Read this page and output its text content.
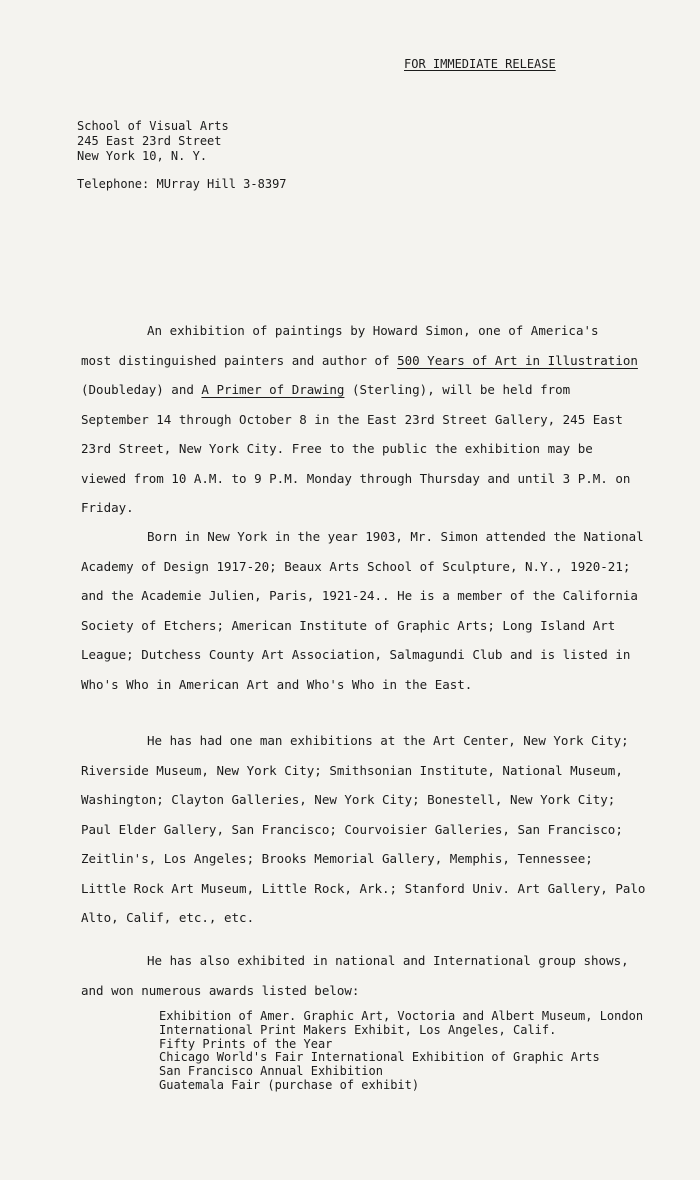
FOR IMMEDIATE RELEASE
School of Visual Arts
245 East 23rd Street
New York 10, N. Y.
Telephone: MUrray Hill 3-8397
An exhibition of paintings by Howard Simon, one of America's
most distinguished painters and author of 500 Years of Art in Illustration
(Doubleday) and A Primer of Drawing (Sterling), will be held from
September 14 through October 8 in the East 23rd Street Gallery, 245 East
23rd Street, New York City. Free to the public the exhibition may be
viewed from 10 A.M. to 9 P.M. Monday through Thursday and until 3 P.M. on
Friday.
Born in New York in the year 1903, Mr. Simon attended the National
Academy of Design 1917-20; Beaux Arts School of Sculpture, N.Y., 1920-21;
and the Academie Julien, Paris, 1921-24.. He is a member of the California
Society of Etchers; American Institute of Graphic Arts; Long Island Art
League; Dutchess County Art Association, Salmagundi Club and is listed in
Who's Who in American Art and Who's Who in the East.
He has had one man exhibitions at the Art Center, New York City;
Riverside Museum, New York City; Smithsonian Institute, National Museum,
Washington; Clayton Galleries, New York City; Bonestell, New York City;
Paul Elder Gallery, San Francisco; Courvoisier Galleries, San Francisco;
Zeitlin's, Los Angeles; Brooks Memorial Gallery, Memphis, Tennessee;
Little Rock Art Museum, Little Rock, Ark.; Stanford Univ. Art Gallery, Palo
Alto, Calif, etc., etc.
He has also exhibited in national and International group shows,
and won numerous awards listed below:
Exhibition of Amer. Graphic Art, Voctoria and Albert Museum, London
International Print Makers Exhibit, Los Angeles, Calif.
Fifty Prints of the Year
Chicago World's Fair International Exhibition of Graphic Arts
San Francisco Annual Exhibition
Guatemala Fair (purchase of exhibit)
